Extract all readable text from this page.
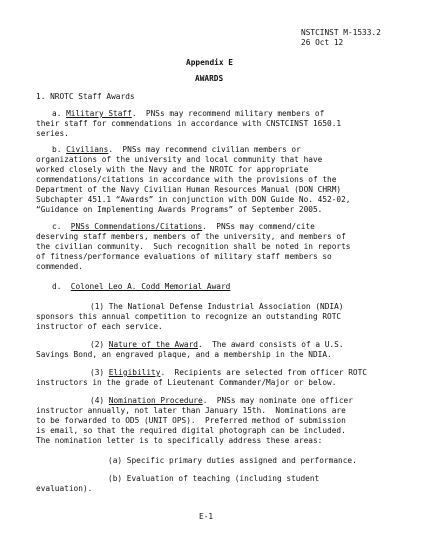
NSTCINST M-1533.2

26 Oct 12

Appendix E

AWARDS

1. NROTC Staff Awards

a. Military Staff.  PNSs may recommend military members of

their staff for commendations in accordance with CNSTCINST 1650.1

series.

b. Civilians.  PNSs may recommend civilian members or

organizations of the university and local community that have

worked closely with the Navy and the NROTC for appropriate

commendations/citations in accordance with the provisions of the

Department of the Navy Civilian Human Resources Manual (DON CHRM)

Subchapter 451.1 “Awards” in conjunction with DON Guide No. 452-02,

“Guidance on Implementing Awards Programs” of September 2005.

c. PNSs Commendations/Citations.  PNSs may commend/cite

deserving staff members, members of the university, and members of

the civilian community.  Such recognition shall be noted in reports

of fitness/performance evaluations of military staff members so

commended.

d. Colonel Leo A. Codd Memorial Award

(1) The National Defense Industrial Association (NDIA)

sponsors this annual competition to recognize an outstanding ROTC

instructor of each service.

(2) Nature of the Award.  The award consists of a U.S.

Savings Bond, an engraved plaque, and a membership in the NDIA.

(3) Eligibility.  Recipients are selected from officer ROTC

instructors in the grade of Lieutenant Commander/Major or below.

(4) Nomination Procedure.  PNSs may nominate one officer

instructor annually, not later than January 15th.  Nominations are

to be forwarded to OD5 (UNIT OPS).  Preferred method of submission

is email, so that the required digital photograph can be included.

The nomination letter is to specifically address these areas:

(a) Specific primary duties assigned and performance.

(b) Evaluation of teaching (including student

evaluation).

E-1
